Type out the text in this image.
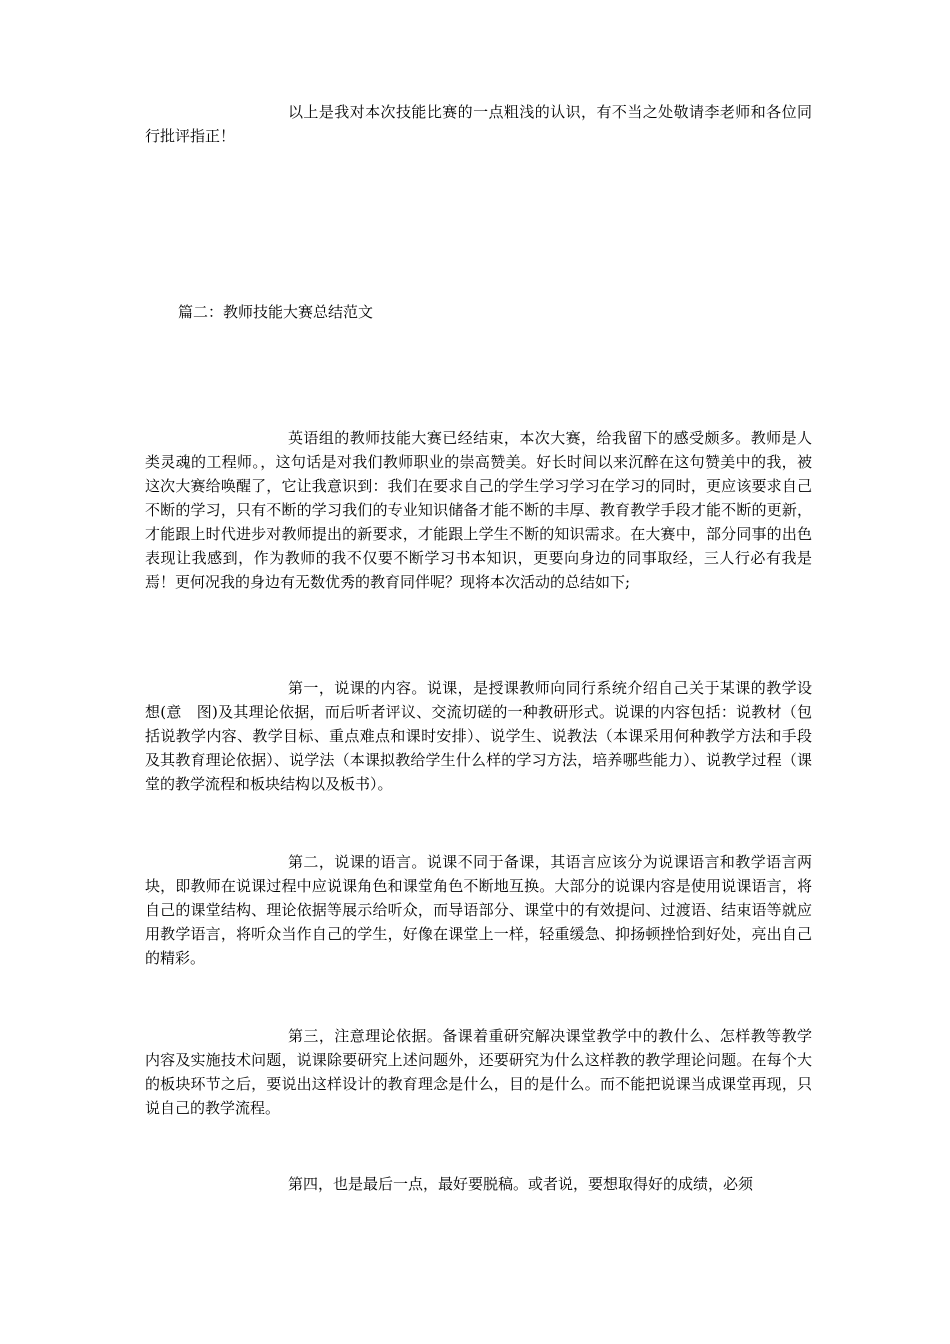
以上是我对本次技能比赛的一点粗浅的认识，有不当之处敬请李老师和各位同行批评指正！

篇二：教师技能大赛总结范文

英语组的教师技能大赛已经结束，本次大赛，给我留下的感受颇多。教师是人类灵魂的工程师。，这句话是对我们教师职业的崇高赞美。好长时间以来沉醉在这句赞美中的我，被这次大赛给唤醒了，它让我意识到：我们在要求自己的学生学习学习在学习的同时，更应该要求自己不断的学习，只有不断的学习我们的专业知识储备才能不断的丰厚、教育教学手段才能不断的更新，才能跟上时代进步对教师提出的新要求，才能跟上学生不断的知识需求。在大赛中，部分同事的出色表现让我感到，作为教师的我不仅要不断学习书本知识，更要向身边的同事取经，三人行必有我是焉！更何况我的身边有无数优秀的教育同伴呢？现将本次活动的总结如下;

第一，说课的内容。说课，是授课教师向同行系统介绍自己关于某课的教学设想(意　图)及其理论依据，而后听者评议、交流切磋的一种教研形式。说课的内容包括：说教材（包括说教学内容、教学目标、重点难点和课时安排）、说学生、说教法（本课采用何种教学方法和手段及其教育理论依据）、说学法（本课拟教给学生什么样的学习方法，培养哪些能力）、说教学过程（课堂的教学流程和板块结构以及板书）。

第二，说课的语言。说课不同于备课，其语言应该分为说课语言和教学语言两块，即教师在说课过程中应说课角色和课堂角色不断地互换。大部分的说课内容是使用说课语言，将自己的课堂结构、理论依据等展示给听众，而导语部分、课堂中的有效提问、过渡语、结束语等就应用教学语言，将听众当作自己的学生，好像在课堂上一样，轻重缓急、抑扬顿挫恰到好处，亮出自己的精彩。

第三，注意理论依据。备课着重研究解决课堂教学中的教什么、怎样教等教学内容及实施技术问题，说课除要研究上述问题外，还要研究为什么这样教的教学理论问题。在每个大的板块环节之后，要说出这样设计的教育理念是什么，目的是什么。而不能把说课当成课堂再现，只说自己的教学流程。

第四，也是最后一点，最好要脱稿。或者说，要想取得好的成绩，必须
